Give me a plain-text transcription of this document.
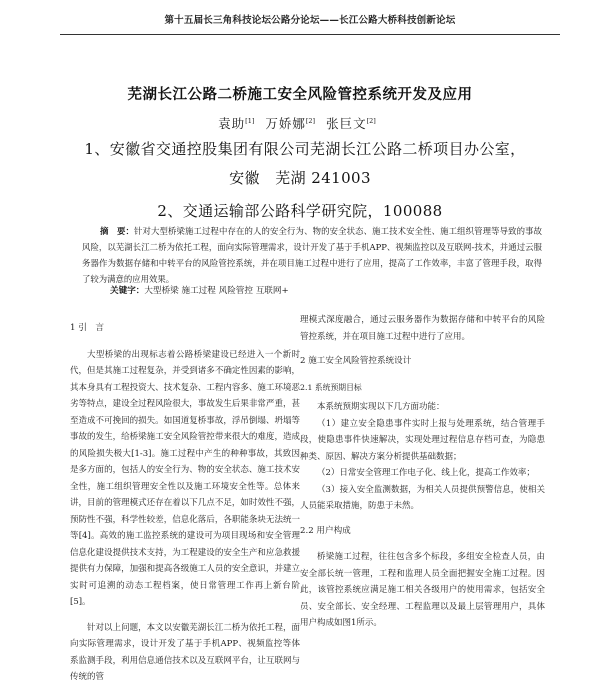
第十五届长三角科技论坛公路分论坛——长江公路大桥科技创新论坛
芜湖长江公路二桥施工安全风险管控系统开发及应用
袁助[1] 万娇娜[2] 张巨文[2]
1、安徽省交通控股集团有限公司芜湖长江公路二桥项目办公室，
安徽　芜湖 241003
2、交通运输部公路科学研究院，100088
摘　要：针对大型桥梁施工过程中存在的人的安全行为、物的安全状态、施工技术安全性、施工组织管理等导致的事故风险，以芜湖长江二桥为依托工程，面向实际管理需求，设计开发了基于手机APP、视频监控以及互联网-技术，并通过云服务器作为数据存储和中转平台的风险管控系统，并在项目施工过程中进行了应用，提高了工作效率，丰富了管理手段，取得了较为满意的应用效果。
关键字：大型桥梁 施工过程 风险管控 互联网+
1 引　言

大型桥梁的出现标志着公路桥梁建设已经进入一个新时代，但是其施工过程复杂，并受到诸多不确定性因素的影响，其本身具有工程投资大、技术复杂、工程内容多、施工环境恶劣等特点，建设全过程风险很大，事故发生后果非常严重，甚至造成不可挽回的损失。如国道复桥事故，浮吊倒塌、坍塌等事故的发生，给桥梁施工安全风险管控带来很大的难度，造成的风险损失极大[1-3]。施工过程中产生的种种事故，其致因是多方面的，包括人的安全行为、物的安全状态、施工技术安全性，施工组织管理安全性以及施工环境安全性等。总体来讲，目前的管理模式还存在着以下几点不足，如时效性不强，预防性不强，科学性较差，信息化落后，各职能条块无法统一等[4]。高效的施工监控系统的建设可为项目现场和安全管理信息化建设提供技术支持，为工程建设的安全生产和应急救援提供有力保障，加强和提高各级施工人员的安全意识，并建立实时可追溯的动态工程档案，使日常管理工作再上新台阶[5]。

针对以上问题，本文以安徽芜湖长江二桥为依托工程，面向实际管理需求，设计开发了基于手机APP、视频监控等体系监测手段，利用信息通信技术以及互联网平台，让互联网与传统的管

理模式深度融合，通过云服务器作为数据存储和中转平台的风险管控系统，并在项目施工过程中进行了应用。

2 施工安全风险管控系统设计
2.1 系统预期目标

本系统预期实现以下几方面功能：

（1）建立安全隐患事件实时上报与处理系统，结合管理手段，使隐患事件快速解决，实现处理过程信息存档可查，为隐患种类、原因、解决方案分析提供基础数据；

（2）日常安全管理工作电子化、线上化，提高工作效率；

（3）接入安全监测数据，为相关人员提供预警信息，使相关人员能采取措施，防患于未然。

2.2 用户构成

桥梁施工过程，往往包含多个标段，多组安全检查人员，由安全部长统一管理，工程和监理人员全面把握安全施工过程。因此，该管控系统应满足施工相关各级用户的使用需求，包括安全员、安全部长、安全经理、工程监理以及最上层管理用户，具体用户构成如图1所示。
